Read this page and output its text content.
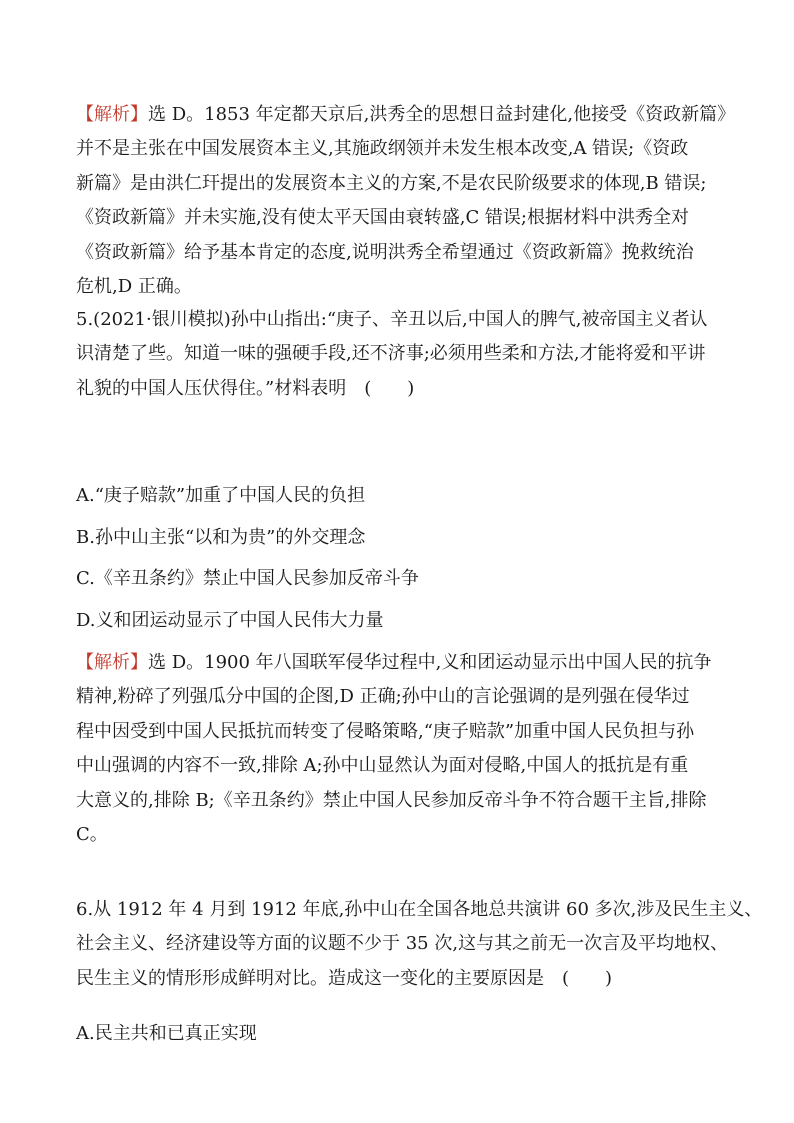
【解析】选 D。1853 年定都天京后,洪秀全的思想日益封建化,他接受《资政新篇》
并不是主张在中国发展资本主义,其施政纲领并未发生根本改变,A 错误;《资政
新篇》是由洪仁玕提出的发展资本主义的方案,不是农民阶级要求的体现,B 错误;
《资政新篇》并未实施,没有使太平天国由衰转盛,C 错误;根据材料中洪秀全对
《资政新篇》给予基本肯定的态度,说明洪秀全希望通过《资政新篇》挽救统治
危机,D 正确。
5.(2021·银川模拟)孙中山指出:“庚子、辛丑以后,中国人的脾气,被帝国主义者认
识清楚了些。知道一味的强硬手段,还不济事;必须用些柔和方法,才能将爱和平讲
礼貌的中国人压伏得住。”材料表明　(　　)
A.“庚子赔款”加重了中国人民的负担
B.孙中山主张“以和为贵”的外交理念
C.《辛丑条约》禁止中国人民参加反帝斗争
D.义和团运动显示了中国人民伟大力量
【解析】选 D。1900 年八国联军侵华过程中,义和团运动显示出中国人民的抗争
精神,粉碎了列强瓜分中国的企图,D 正确;孙中山的言论强调的是列强在侵华过
程中因受到中国人民抵抗而转变了侵略策略,“庚子赔款”加重中国人民负担与孙
中山强调的内容不一致,排除 A;孙中山显然认为面对侵略,中国人的抵抗是有重
大意义的,排除 B;《辛丑条约》禁止中国人民参加反帝斗争不符合题干主旨,排除
C。
6.从 1912 年 4 月到 1912 年底,孙中山在全国各地总共演讲 60 多次,涉及民生主义、
社会主义、经济建设等方面的议题不少于 35 次,这与其之前无一次言及平均地权、
民生主义的情形形成鲜明对比。造成这一变化的主要原因是　(　　)
A.民主共和已真正实现
